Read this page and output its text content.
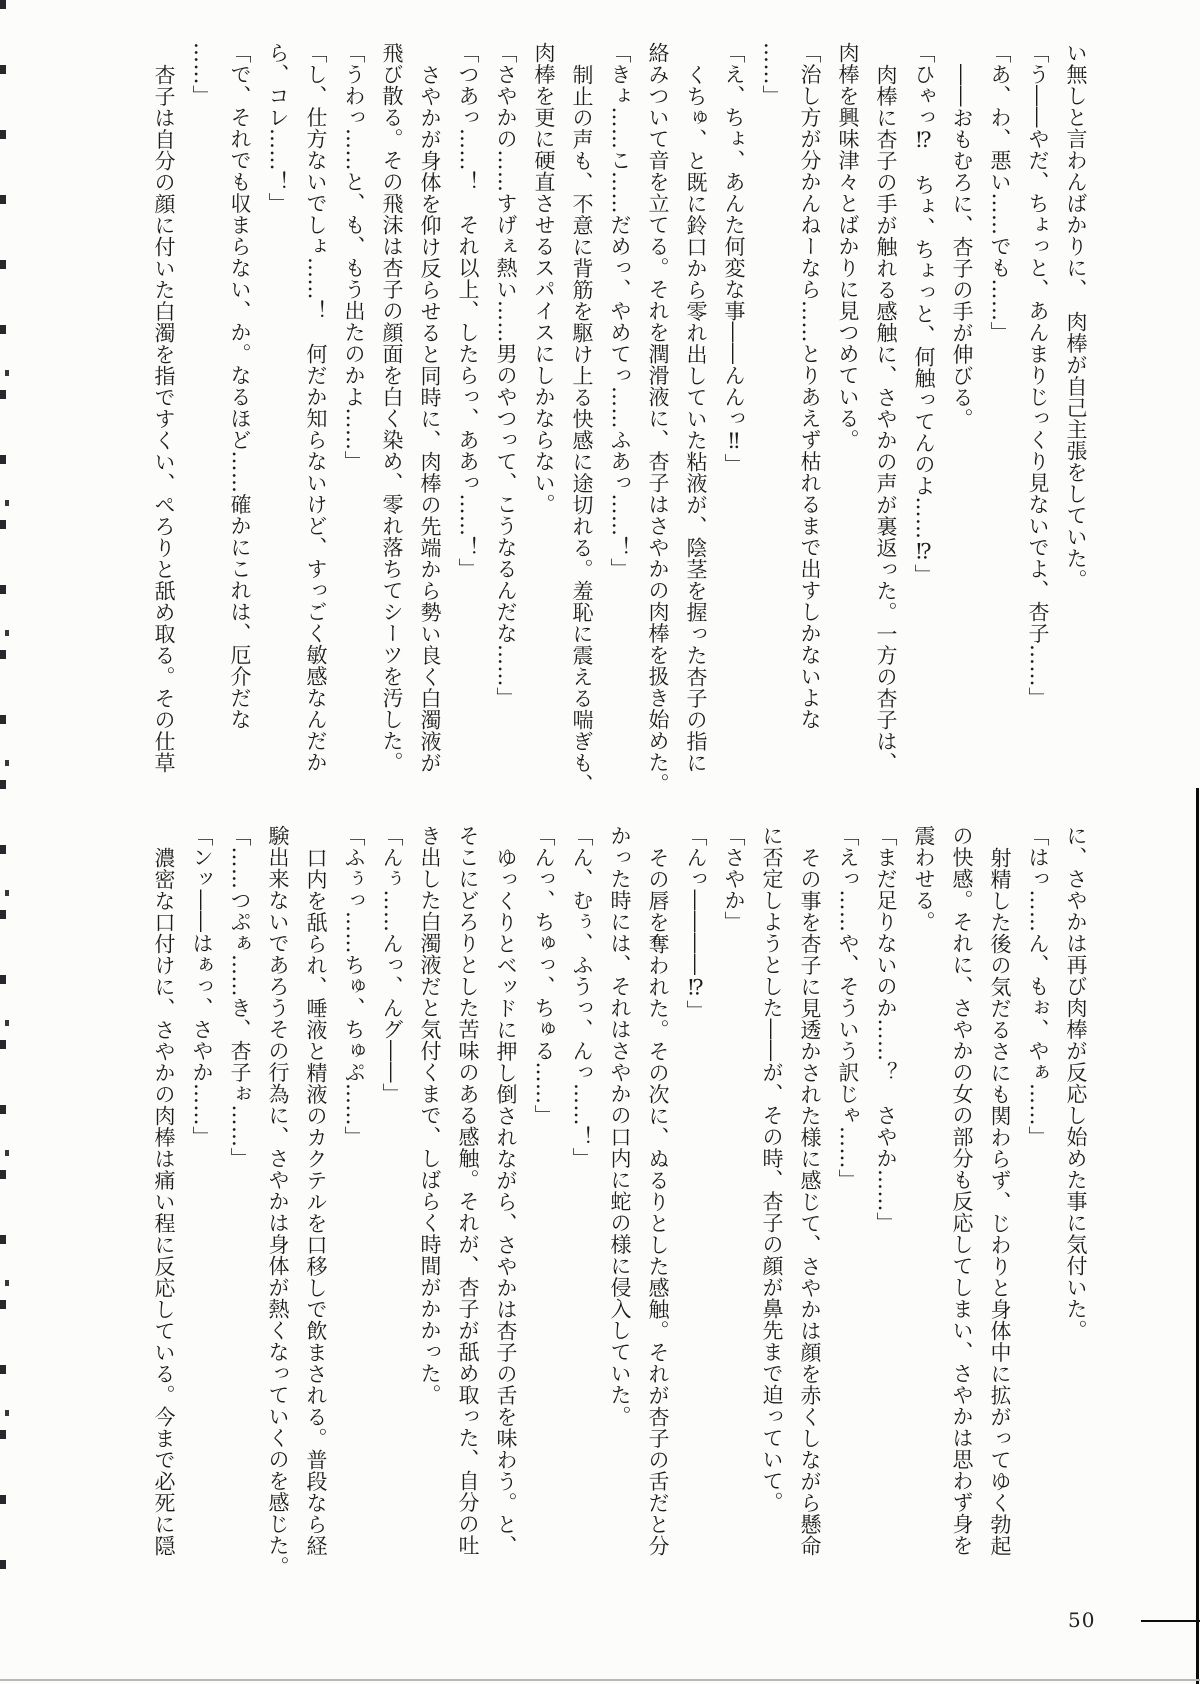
い無しと言わんばかりに、　肉棒が自己主張をしていた。

「う――やだ、ちょっと、あんまりじっくり見ないでよ、杏子……」

「あ、わ、悪い……でも……」

――おもむろに、杏子の手が伸びる。

「ひゃっ⁉　ちょ、ちょっと、何触ってんのよ……⁉」

肉棒に杏子の手が触れる感触に、さやかの声が裏返った。一方の杏子は、

肉棒を興味津々とばかりに見つめている。

「治し方が分かんねーなら……とりあえず枯れるまで出すしかないよな

……」

「え、ちょ、あんた何変な事――んんっ‼」

くちゅ、と既に鈴口から零れ出していた粘液が、陰茎を握った杏子の指に

絡みついて音を立てる。それを潤滑液に、杏子はさやかの肉棒を扱き始めた。

「きょ……こ……だめっ、やめてっ……ふあっ……！」

制止の声も、不意に背筋を駆け上る快感に途切れる。羞恥に震える喘ぎも、

肉棒を更に硬直させるスパイスにしかならない。

「さやかの……すげぇ熱い……男のやつって、こうなるんだな……」

「つあっ……！　それ以上、したらっ、ああっ……！」

さやかが身体を仰け反らせると同時に、肉棒の先端から勢い良く白濁液が

飛び散る。その飛沫は杏子の顔面を白く染め、零れ落ちてシーツを汚した。

「うわっ……と、も、もう出たのかよ……」

「し、仕方ないでしょ……！　何だか知らないけど、すっごく敏感なんだか

ら、コレ……！」

「で、それでも収まらない、か。なるほど……確かにこれは、厄介だな

……」

杏子は自分の顔に付いた白濁を指ですくい、ぺろりと舐め取る。その仕草

に、さやかは再び肉棒が反応し始めた事に気付いた。

「はっ……ん、もぉ、やぁ……」

射精した後の気だるさにも関わらず、じわりと身体中に拡がってゆく勃起

の快感。それに、さやかの女の部分も反応してしまい、さやかは思わず身を

震わせる。

「まだ足りないのか……？　さやか……」

「えっ……や、そういう訳じゃ……」

その事を杏子に見透かされた様に感じて、さやかは顔を赤くしながら懸命

に否定しようとした――が、その時、杏子の顔が鼻先まで迫っていて。

「さやか」

「んっ――――⁉」

その唇を奪われた。その次に、ぬるりとした感触。それが杏子の舌だと分

かった時には、それはさやかの口内に蛇の様に侵入していた。

「ん、むぅ、ふうっ、んっ……！」

「んっ、ちゅっ、ちゅる……」

ゆっくりとベッドに押し倒されながら、さやかは杏子の舌を味わう。と、

そこにどろりとした苦味のある感触。それが、杏子が舐め取った、自分の吐

き出した白濁液だと気付くまで、しばらく時間がかかった。

「んぅ……んっ、んグ――」

「ふぅっ……ちゅ、ちゅぷ……」

口内を舐られ、唾液と精液のカクテルを口移しで飲まされる。普段なら経

験出来ないであろうその行為に、さやかは身体が熱くなっていくのを感じた。

「……つぷぁ……き、杏子ぉ……」

「ンッ――はぁっ、さやか……」

濃密な口付けに、さやかの肉棒は痛い程に反応している。今まで必死に隠

50
